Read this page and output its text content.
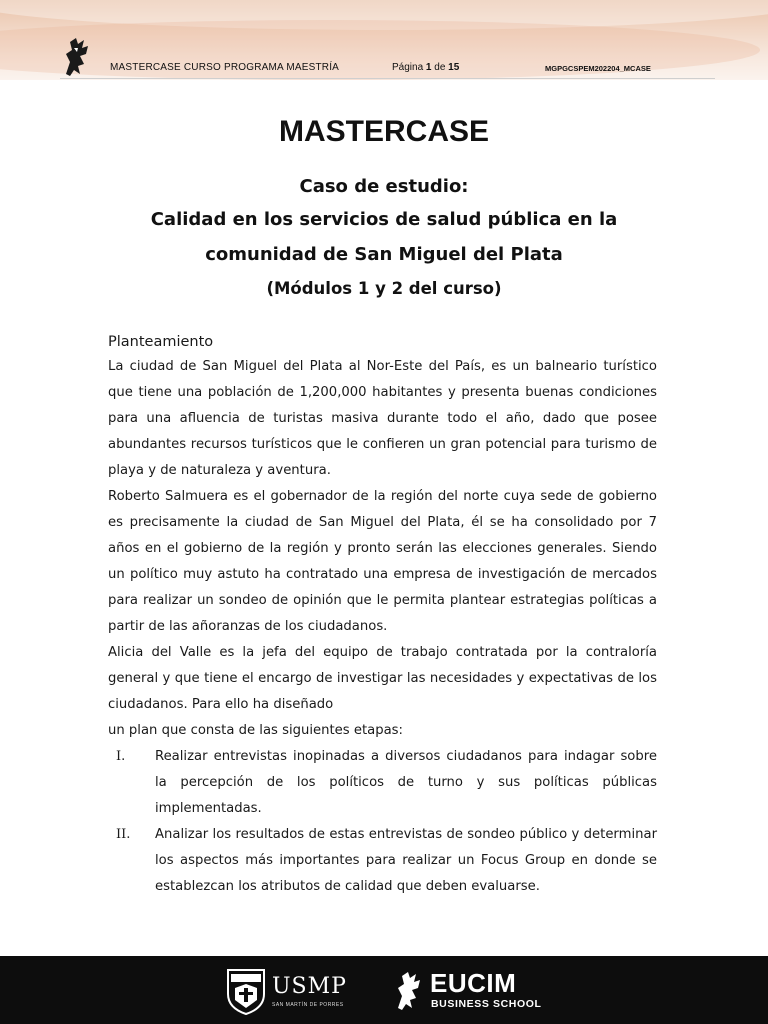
MASTERCASE CURSO PROGRAMA MAESTRÍA	Página 1 de 15	MGPGCSPEM202204_MCASE
MASTERCASE
Caso de estudio:
Calidad en los servicios de salud pública en la
comunidad de San Miguel del Plata
(Módulos 1 y 2 del curso)
Planteamiento

La ciudad de San Miguel del Plata al Nor-Este del País, es un balneario turístico que tiene una población de 1,200,000 habitantes y presenta buenas condiciones para una afluencia de turistas masiva durante todo el año, dado que posee abundantes recursos turísticos que le confieren un gran potencial para turismo de playa y de naturaleza y aventura.

Roberto Salmuera es el gobernador de la región del norte cuya sede de gobierno es precisamente la ciudad de San Miguel del Plata, él se ha consolidado por 7 años en el gobierno de la región y pronto serán las elecciones generales. Siendo un político muy astuto ha contratado una empresa de investigación de mercados para realizar un sondeo de opinión que le permita plantear estrategias políticas a partir de las añoranzas de los ciudadanos.

Alicia del Valle es la jefa del equipo de trabajo contratada por la contraloría general y que tiene el encargo de investigar las necesidades y expectativas de los ciudadanos. Para ello ha diseñado

un plan que consta de las siguientes etapas:

I.	Realizar entrevistas inopinadas a diversos ciudadanos para indagar sobre la percepción de los políticos de turno y sus políticas públicas implementadas.
II.	Analizar los resultados de estas entrevistas de sondeo público y determinar los aspectos más importantes para realizar un Focus Group en donde se establezcan los atributos de calidad que deben evaluarse.
USMP
SAN MARTÍN DE PORRES
EUCIM
BUSINESS SCHOOL
